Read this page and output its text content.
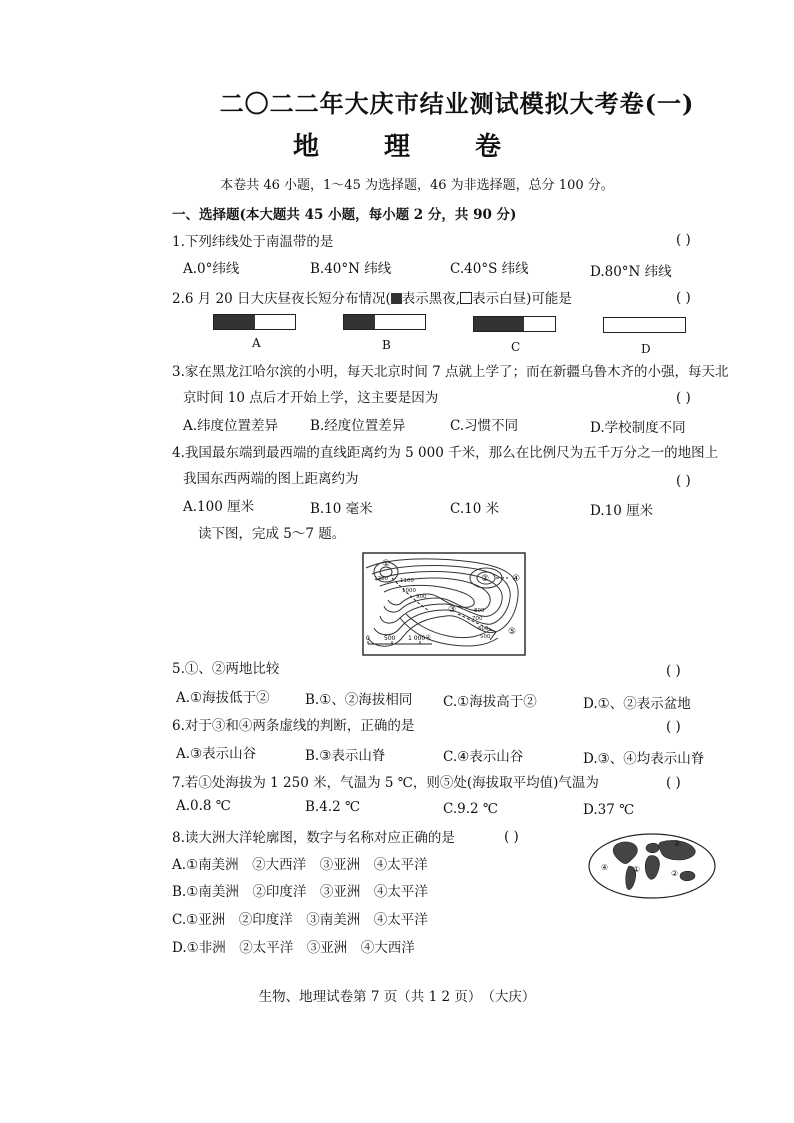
二〇二二年大庆市结业测试模拟大考卷(一)
地 理 卷
本卷共 46 小题，1～45 为选择题，46 为非选择题，总分 100 分。
一、选择题(本大题共 45 小题，每小题 2 分，共 90 分)
1.下列纬线处于南温带的是	( )
A.0°纬线	B.40°N 纬线	C.40°S 纬线	D.80°N 纬线
2.6 月 20 日大庆昼夜长短分布情况( 表示黑夜, 表示白昼)可能是	( )
A	B	C	D
3.家在黑龙江哈尔滨的小明，每天北京时间 7 点就上学了；而在新疆乌鲁木齐的小强，每天北
京时间 10 点后才开始上学，这主要是因为	( )
A.纬度位置差异 B.经度位置差异	C.习惯不同	D.学校制度不同
4.我国最东端到最西端的直线距离约为 5 000 千米，那么在比例尺为五千万分之一的地图上
我国东西两端的图上距离约为	( )
A.100 厘米	B.10 毫米	C.10 米	D.10 厘米
读下图，完成 5～7 题。
①
②
③
④
⑤
1200 1100
1000
900
800
700
600
500
0 500 1 000米
5.①、②两地比较	( )
A.①海拔低于②	B.①、②海拔相同 C.①海拔高于②	D.①、②表示盆地
6.对于③和④两条虚线的判断，正确的是	( )
A.③表示山谷	B.③表示山脊	C.④表示山谷	D.③、④均表示山脊
7.若①处海拔为 1 250 米，气温为 5 ℃，则⑤处(海拔取平均值)气温为	( )
A.0.8 ℃	B.4.2 ℃	C.9.2 ℃	D.37 ℃
8.读大洲大洋轮廓图，数字与名称对应正确的是	( )
A.①南美洲　②大西洋　③亚洲　④太平洋
B.①南美洲　②印度洋　③亚洲　④太平洋
C.①亚洲　②印度洋　③南美洲　④太平洋
D.①非洲　②太平洋　③亚洲　④大西洋
③
①	②
④
生物、地理试卷第 7 页（共 1 2 页）　（大庆）
